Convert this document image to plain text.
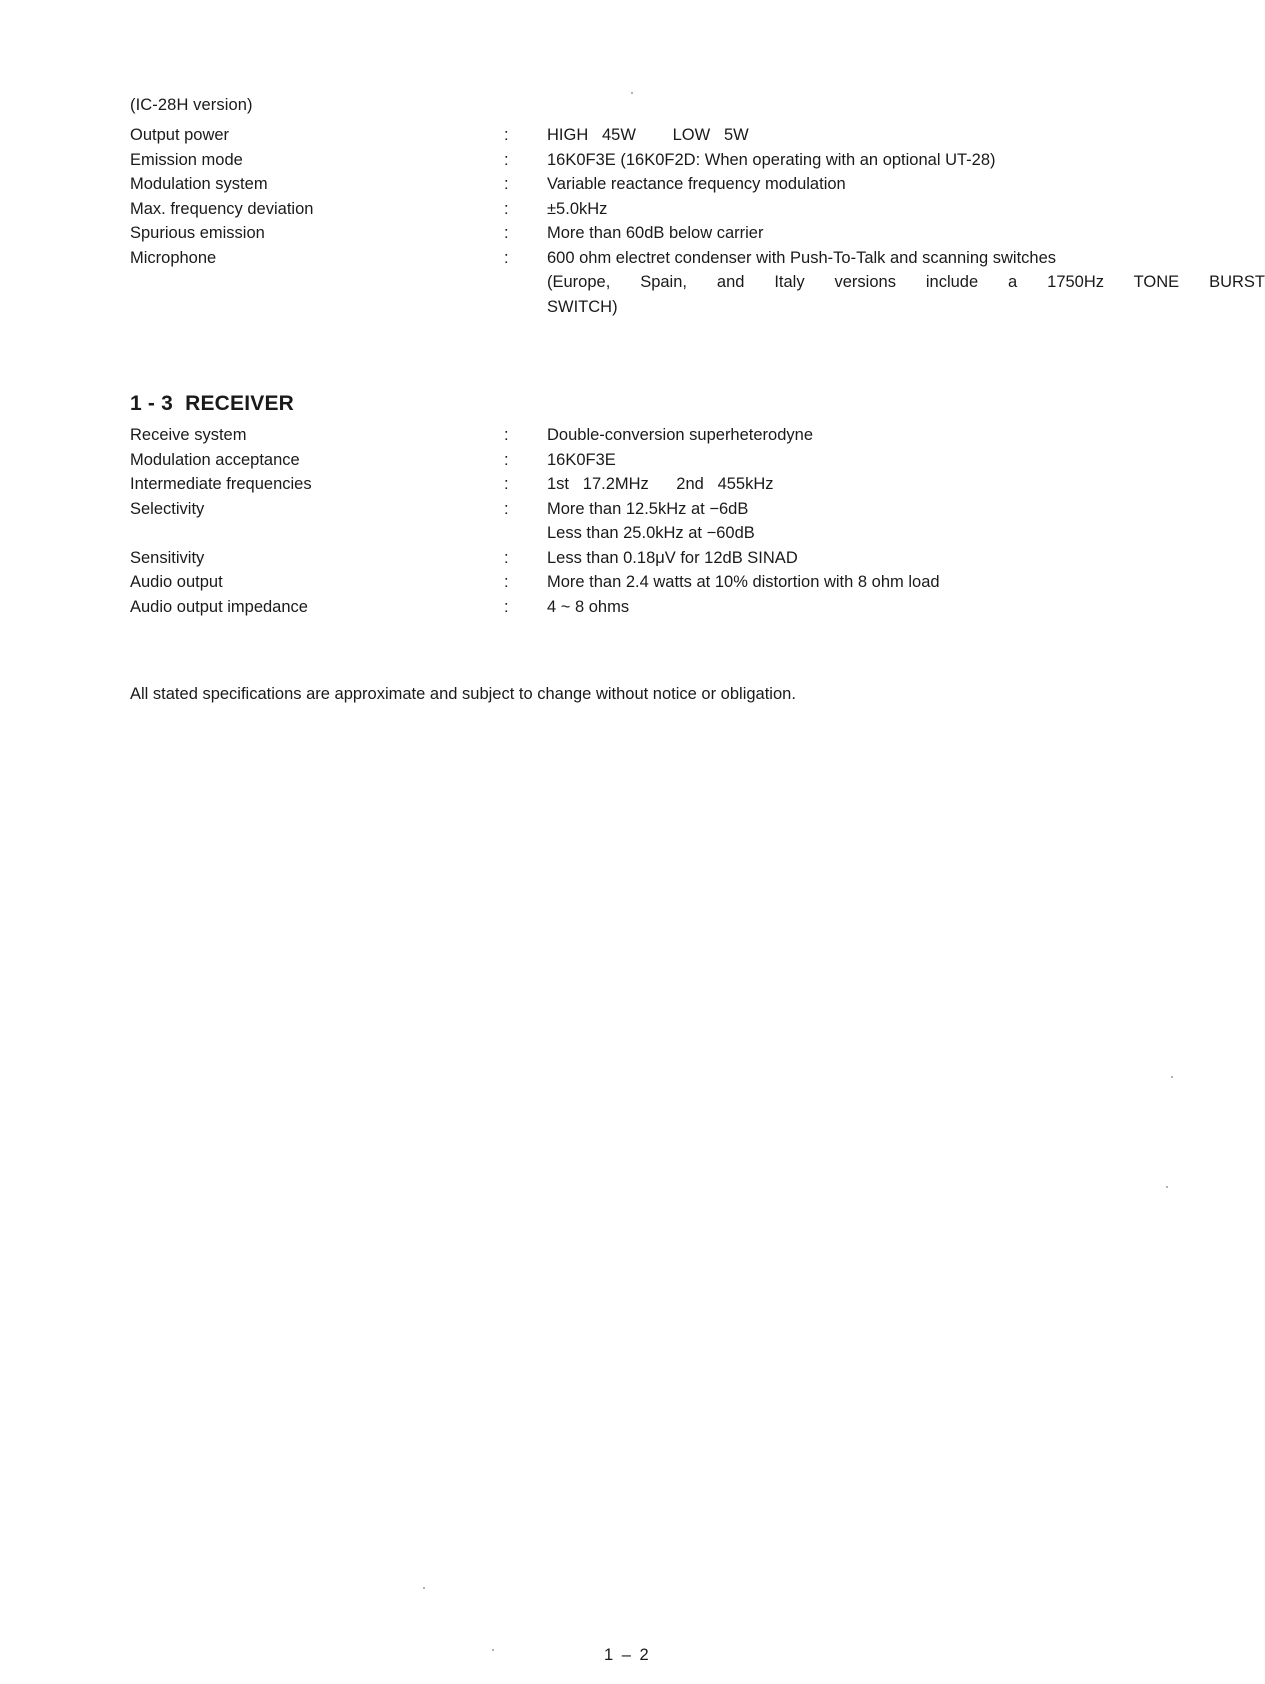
(IC-28H version)
Output power	:	HIGH   45W        LOW   5W
Emission mode	:	16K0F3E (16K0F2D: When operating with an optional UT-28)
Modulation system	:	Variable reactance frequency modulation
Max. frequency deviation	:	±5.0kHz
Spurious emission	:	More than 60dB below carrier
Microphone	:	600 ohm electret condenser with Push-To-Talk and scanning switches
(Europe, Spain, and Italy versions include a 1750Hz TONE BURST
SWITCH)
1 - 3  RECEIVER
Receive system	:	Double-conversion superheterodyne
Modulation acceptance	:	16K0F3E
Intermediate frequencies	:	1st   17.2MHz      2nd   455kHz
Selectivity	:	More than 12.5kHz at −6dB
Less than 25.0kHz at −60dB
Sensitivity	:	Less than 0.18μV for 12dB SINAD
Audio output	:	More than 2.4 watts at 10% distortion with 8 ohm load
Audio output impedance	:	4 ~ 8 ohms
All stated specifications are approximate and subject to change without notice or obligation.
1 – 2
